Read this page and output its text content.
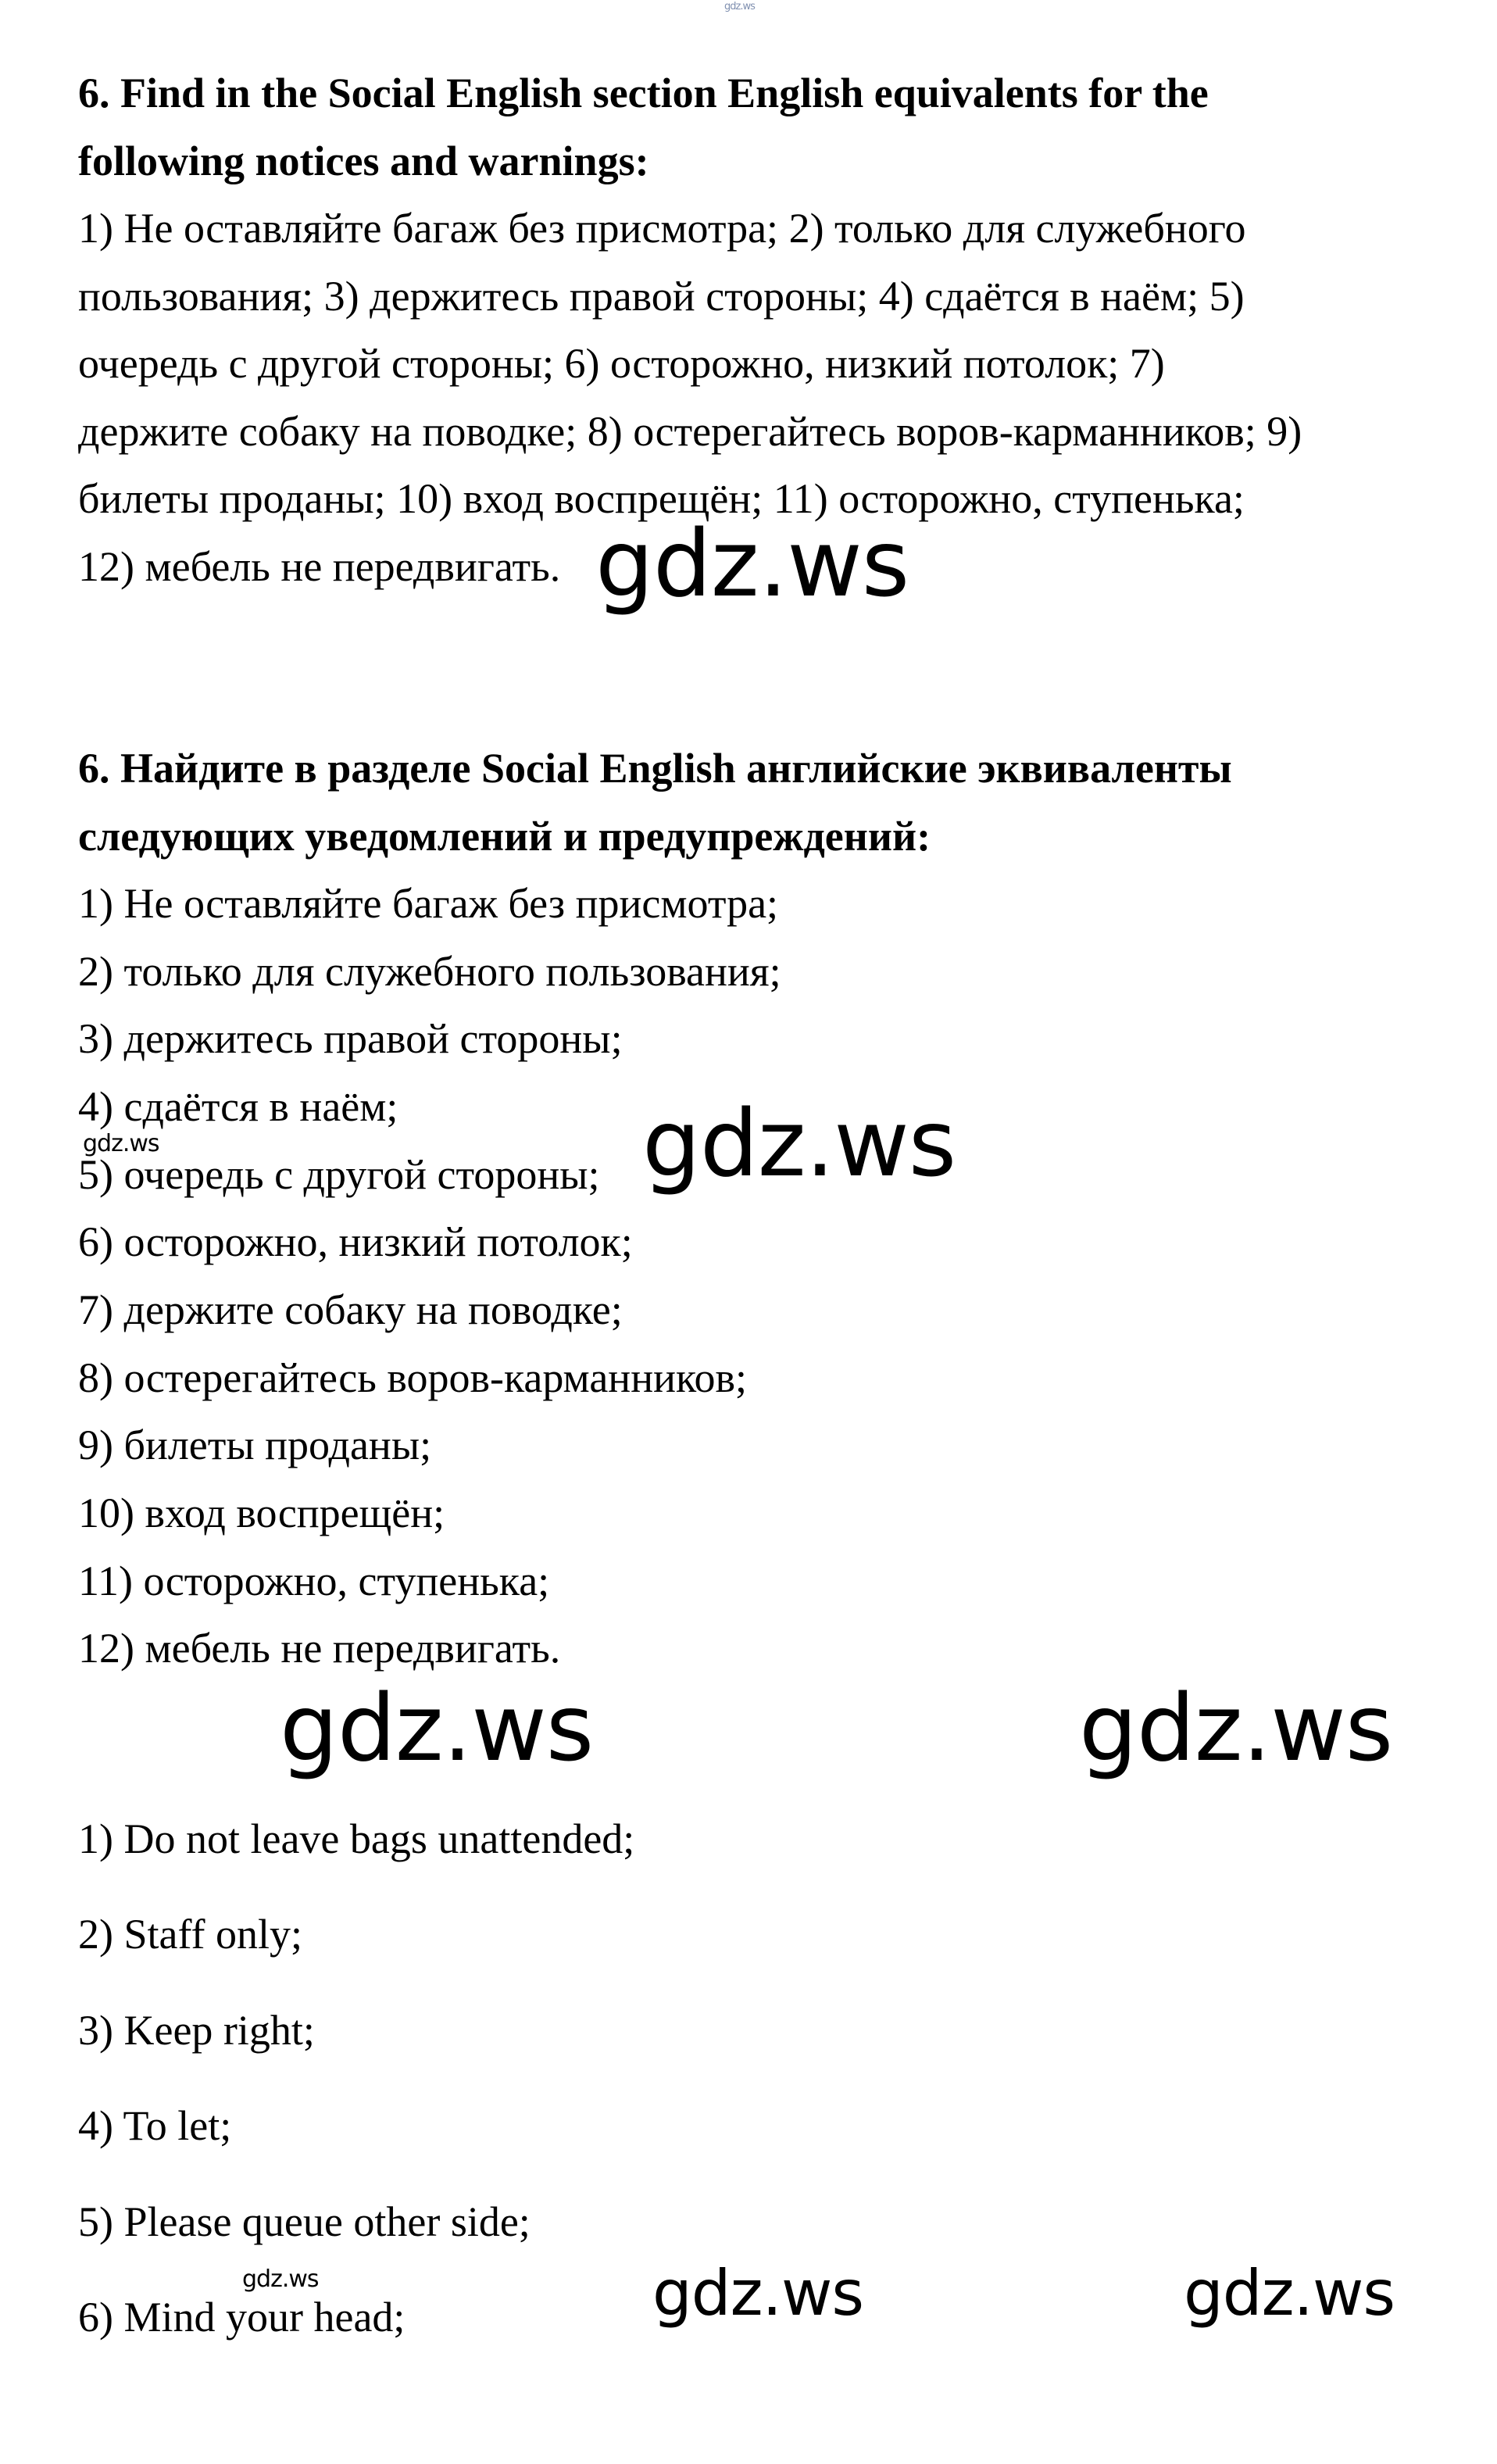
gdz.ws
6. Find in the Social English section English equivalents for the
following notices and warnings:
1) Не оставляйте багаж без присмотра; 2) только для служебного
пользования; 3) держитесь правой стороны; 4) сдаётся в наём; 5)
очередь с другой стороны; 6) осторожно, низкий потолок; 7)
держите собаку на поводке; 8) остерегайтесь воров-карманников; 9)
билеты проданы; 10) вход воспрещён; 11) осторожно, ступенька;
12) мебель не передвигать. gdz.ws
6. Найдите в разделе Social English английские эквиваленты
следующих уведомлений и предупреждений:
1) Не оставляйте багаж без присмотра;
2) только для служебного пользования;
3) держитесь правой стороны;
4) сдаётся в наём;
5) очередь с другой стороны;
6) осторожно, низкий потолок;
7) держите собаку на поводке;
8) остерегайтесь воров-карманников;
9) билеты проданы;
10) вход воспрещён;
11) осторожно, ступенька;
12) мебель не передвигать.
gdz.ws	gdz.ws
gdz.ws	gdz.ws
1) Do not leave bags unattended;
2) Staff only;
3) Keep right;
4) To let;
5) Please queue other side;
6) Mind your head;
gdz.ws	gdz.ws	gdz.ws
